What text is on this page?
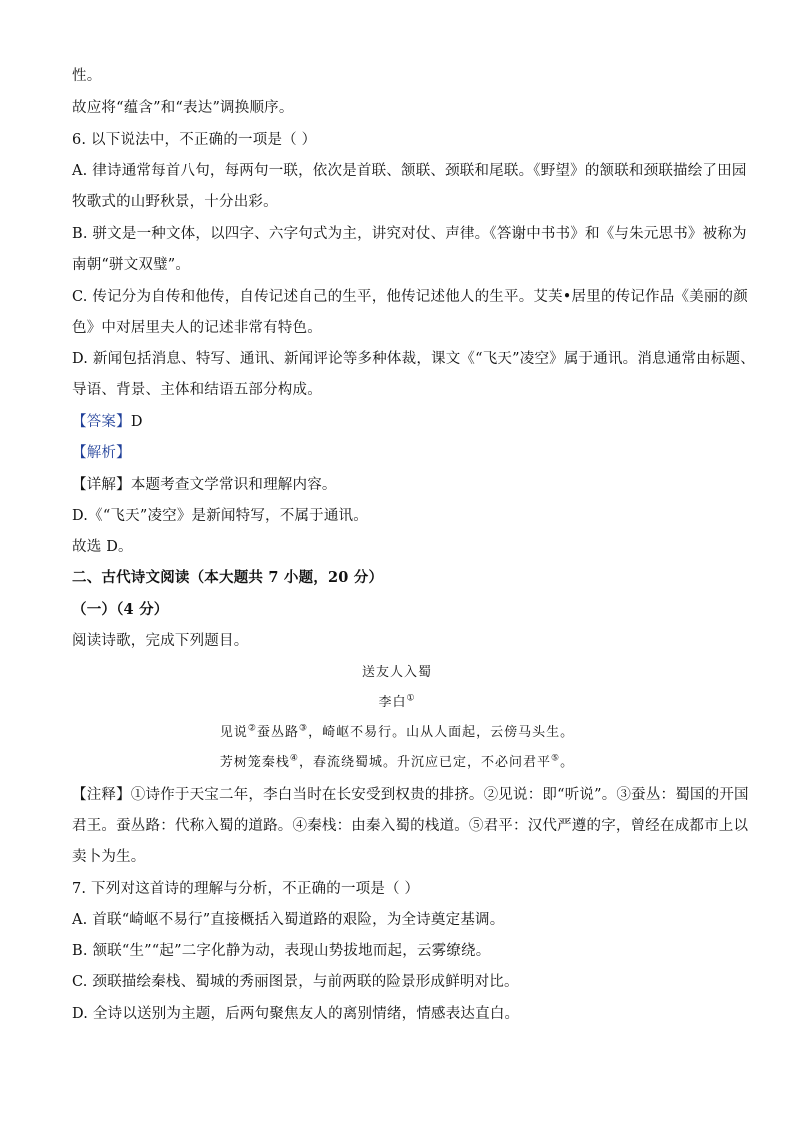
性。
故应将“蕴含”和“表达”调换顺序。
6. 以下说法中，不正确的一项是（ ）
A. 律诗通常每首八句，每两句一联，依次是首联、颔联、颈联和尾联。《野望》的颔联和颈联描绘了田园
牧歌式的山野秋景，十分出彩。
B. 骈文是一种文体，以四字、六字句式为主，讲究对仗、声律。《答谢中书书》和《与朱元思书》被称为
南朝“骈文双璧”。
C. 传记分为自传和他传，自传记述自己的生平，他传记述他人的生平。艾芙•居里的传记作品《美丽的颜
色》中对居里夫人的记述非常有特色。
D. 新闻包括消息、特写、通讯、新闻评论等多种体裁，课文《“飞天”凌空》属于通讯。消息通常由标题、
导语、背景、主体和结语五部分构成。
【答案】D
【解析】
【详解】本题考查文学常识和理解内容。
D.《“飞天”凌空》是新闻特写，不属于通讯。
故选 D。
二、古代诗文阅读（本大题共 7 小题，20 分）
（一）（4 分）
阅读诗歌，完成下列题目。
送友人入蜀
李白①
见说②蚕丛路③，崎岖不易行。山从人面起，云傍马头生。
芳树笼秦栈④，春流绕蜀城。升沉应已定，不必问君平⑤。
【注释】①诗作于天宝二年，李白当时在长安受到权贵的排挤。②见说：即“听说”。③蚕丛：蜀国的开国
君王。蚕丛路：代称入蜀的道路。④秦栈：由秦入蜀的栈道。⑤君平：汉代严遵的字，曾经在成都市上以
卖卜为生。
7. 下列对这首诗的理解与分析，不正确的一项是（ ）
A. 首联“崎岖不易行”直接概括入蜀道路的艰险，为全诗奠定基调。
B. 颔联“生”“起”二字化静为动，表现山势拔地而起，云雾缭绕。
C. 颈联描绘秦栈、蜀城的秀丽图景，与前两联的险景形成鲜明对比。
D. 全诗以送别为主题，后两句聚焦友人的离别情绪，情感表达直白。
